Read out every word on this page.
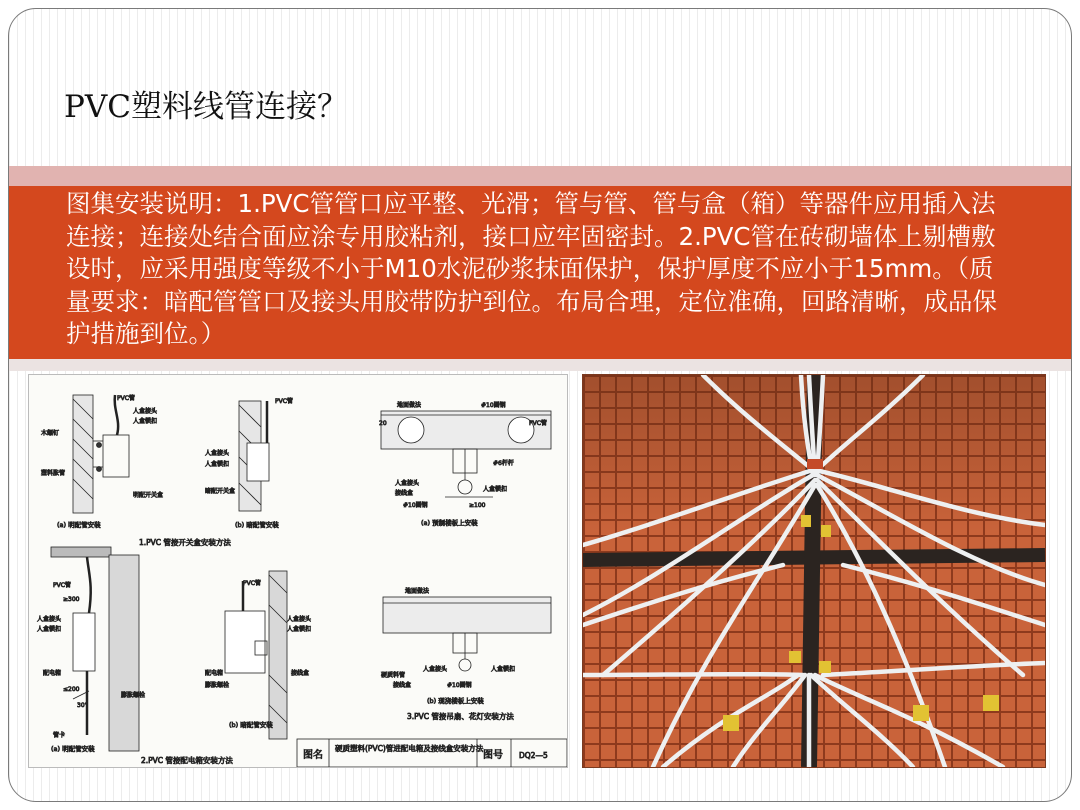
PVC塑料线管连接？

图集安装说明：1.PVC管管口应平整、光滑；管与管、管与盒（箱）等器件应用插入法连接；连接处结合面应涂专用胶粘剂，接口应牢固密封。2.PVC管在砖砌墙体上剔槽敷设时，应采用强度等级不小于M10水泥砂浆抹面保护，保护厚度不应小于15mm。（质量要求：暗配管管口及接头用胶带防护到位。布局合理，定位准确，回路清晰，成品保护措施到位。）

PVC管
人盒接头
人盒锁扣
木螺钉
塑料胀管
明配开关盒
(a) 明配管安装
PVC管
人盒接头
人盒锁扣
暗配开关盒
(b) 暗配管安装
1.PVC 管接开关盒安装方法
地面做法	#10圆钢
PVC管
#6杆杆
人盒接头
接线盒
人盒锁扣
#10圆钢
20
≥100
(a) 预制楼板上安装
PVC管
人盒接头
人盒锁扣
配电箱
管卡
膨胀螺栓
≥300
≤200
30°
(a) 明配管安装
PVC管
人盒接头
人盒锁扣
配电箱
膨胀螺栓
接线盒
(b) 暗配管安装
2.PVC 管接配电箱安装方法
地面做法
人盒接头	人盒锁扣
硬质料管
接线盒	#10圆钢
(b) 现浇楼板上安装
3.PVC 管接吊扇、花灯安装方法
图名
硬质塑料(PVC)管进配电箱及接线盒安装方法
图号 DQ2—5
